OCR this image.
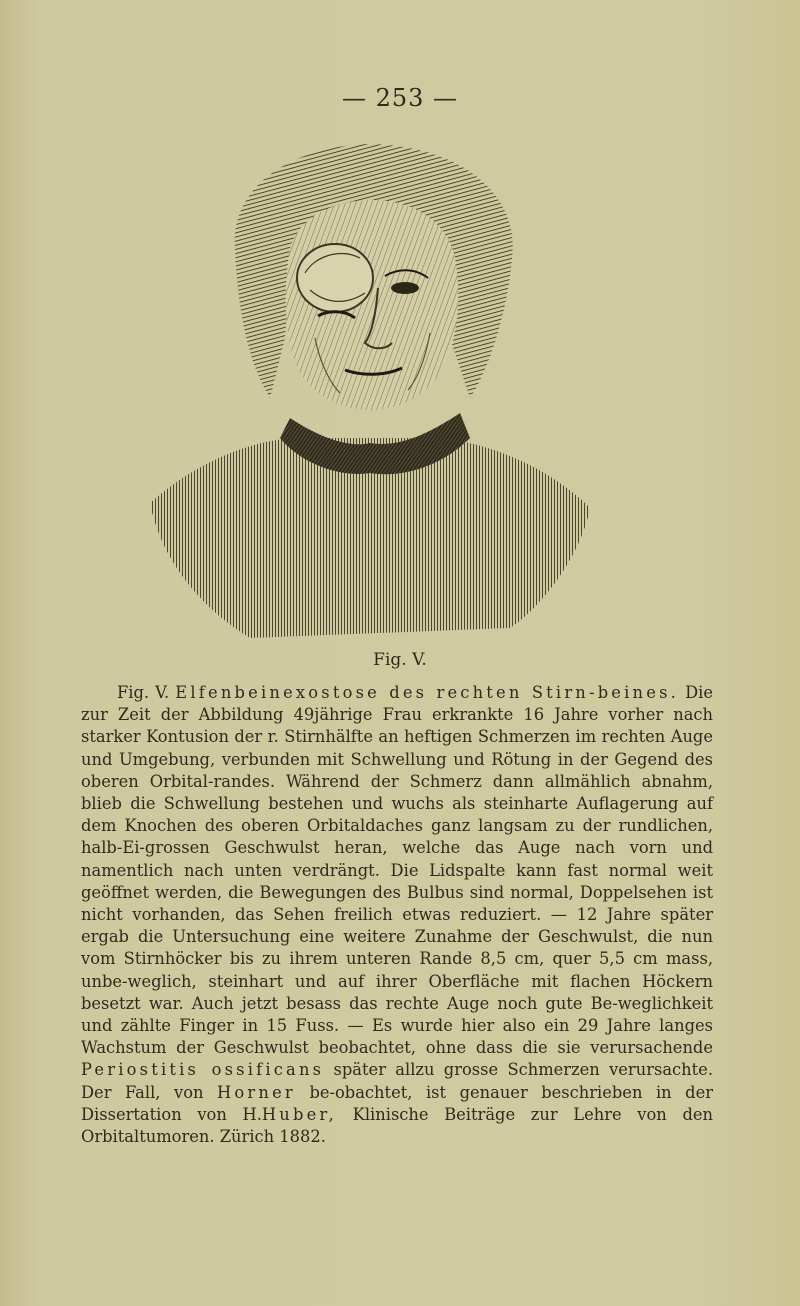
— 253 —
Fig. V.

Fig. V. Elfenbeinexostose des rechten Stirn-beines. Die zur Zeit der Abbildung 49jährige Frau erkrankte 16 Jahre vorher nach starker Kontusion der r. Stirnhälfte an heftigen Schmerzen im rechten Auge und Umgebung, verbunden mit Schwellung und Rötung in der Gegend des oberen Orbital-randes. Während der Schmerz dann allmählich abnahm, blieb die Schwellung bestehen und wuchs als steinharte Auflagerung auf dem Knochen des oberen Orbitaldaches ganz langsam zu der rundlichen, halb-Ei-grossen Geschwulst heran, welche das Auge nach vorn und namentlich nach unten verdrängt. Die Lidspalte kann fast normal weit geöffnet werden, die Bewegungen des Bulbus sind normal, Doppelsehen ist nicht vorhanden, das Sehen freilich etwas reduziert. — 12 Jahre später ergab die Untersuchung eine weitere Zunahme der Geschwulst, die nun vom Stirnhöcker bis zu ihrem unteren Rande 8,5 cm, quer 5,5 cm mass, unbe-weglich, steinhart und auf ihrer Oberfläche mit flachen Höckern besetzt war. Auch jetzt besass das rechte Auge noch gute Be-weglichkeit und zählte Finger in 15 Fuss. — Es wurde hier also ein 29 Jahre langes Wachstum der Geschwulst beobachtet, ohne dass die sie verursachende Periostitis ossificans später allzu grosse Schmerzen verursachte. Der Fall, von Horner be-obachtet, ist genauer beschrieben in der Dissertation von H.Huber, Klinische Beiträge zur Lehre von den Orbitaltumoren. Zürich 1882.
